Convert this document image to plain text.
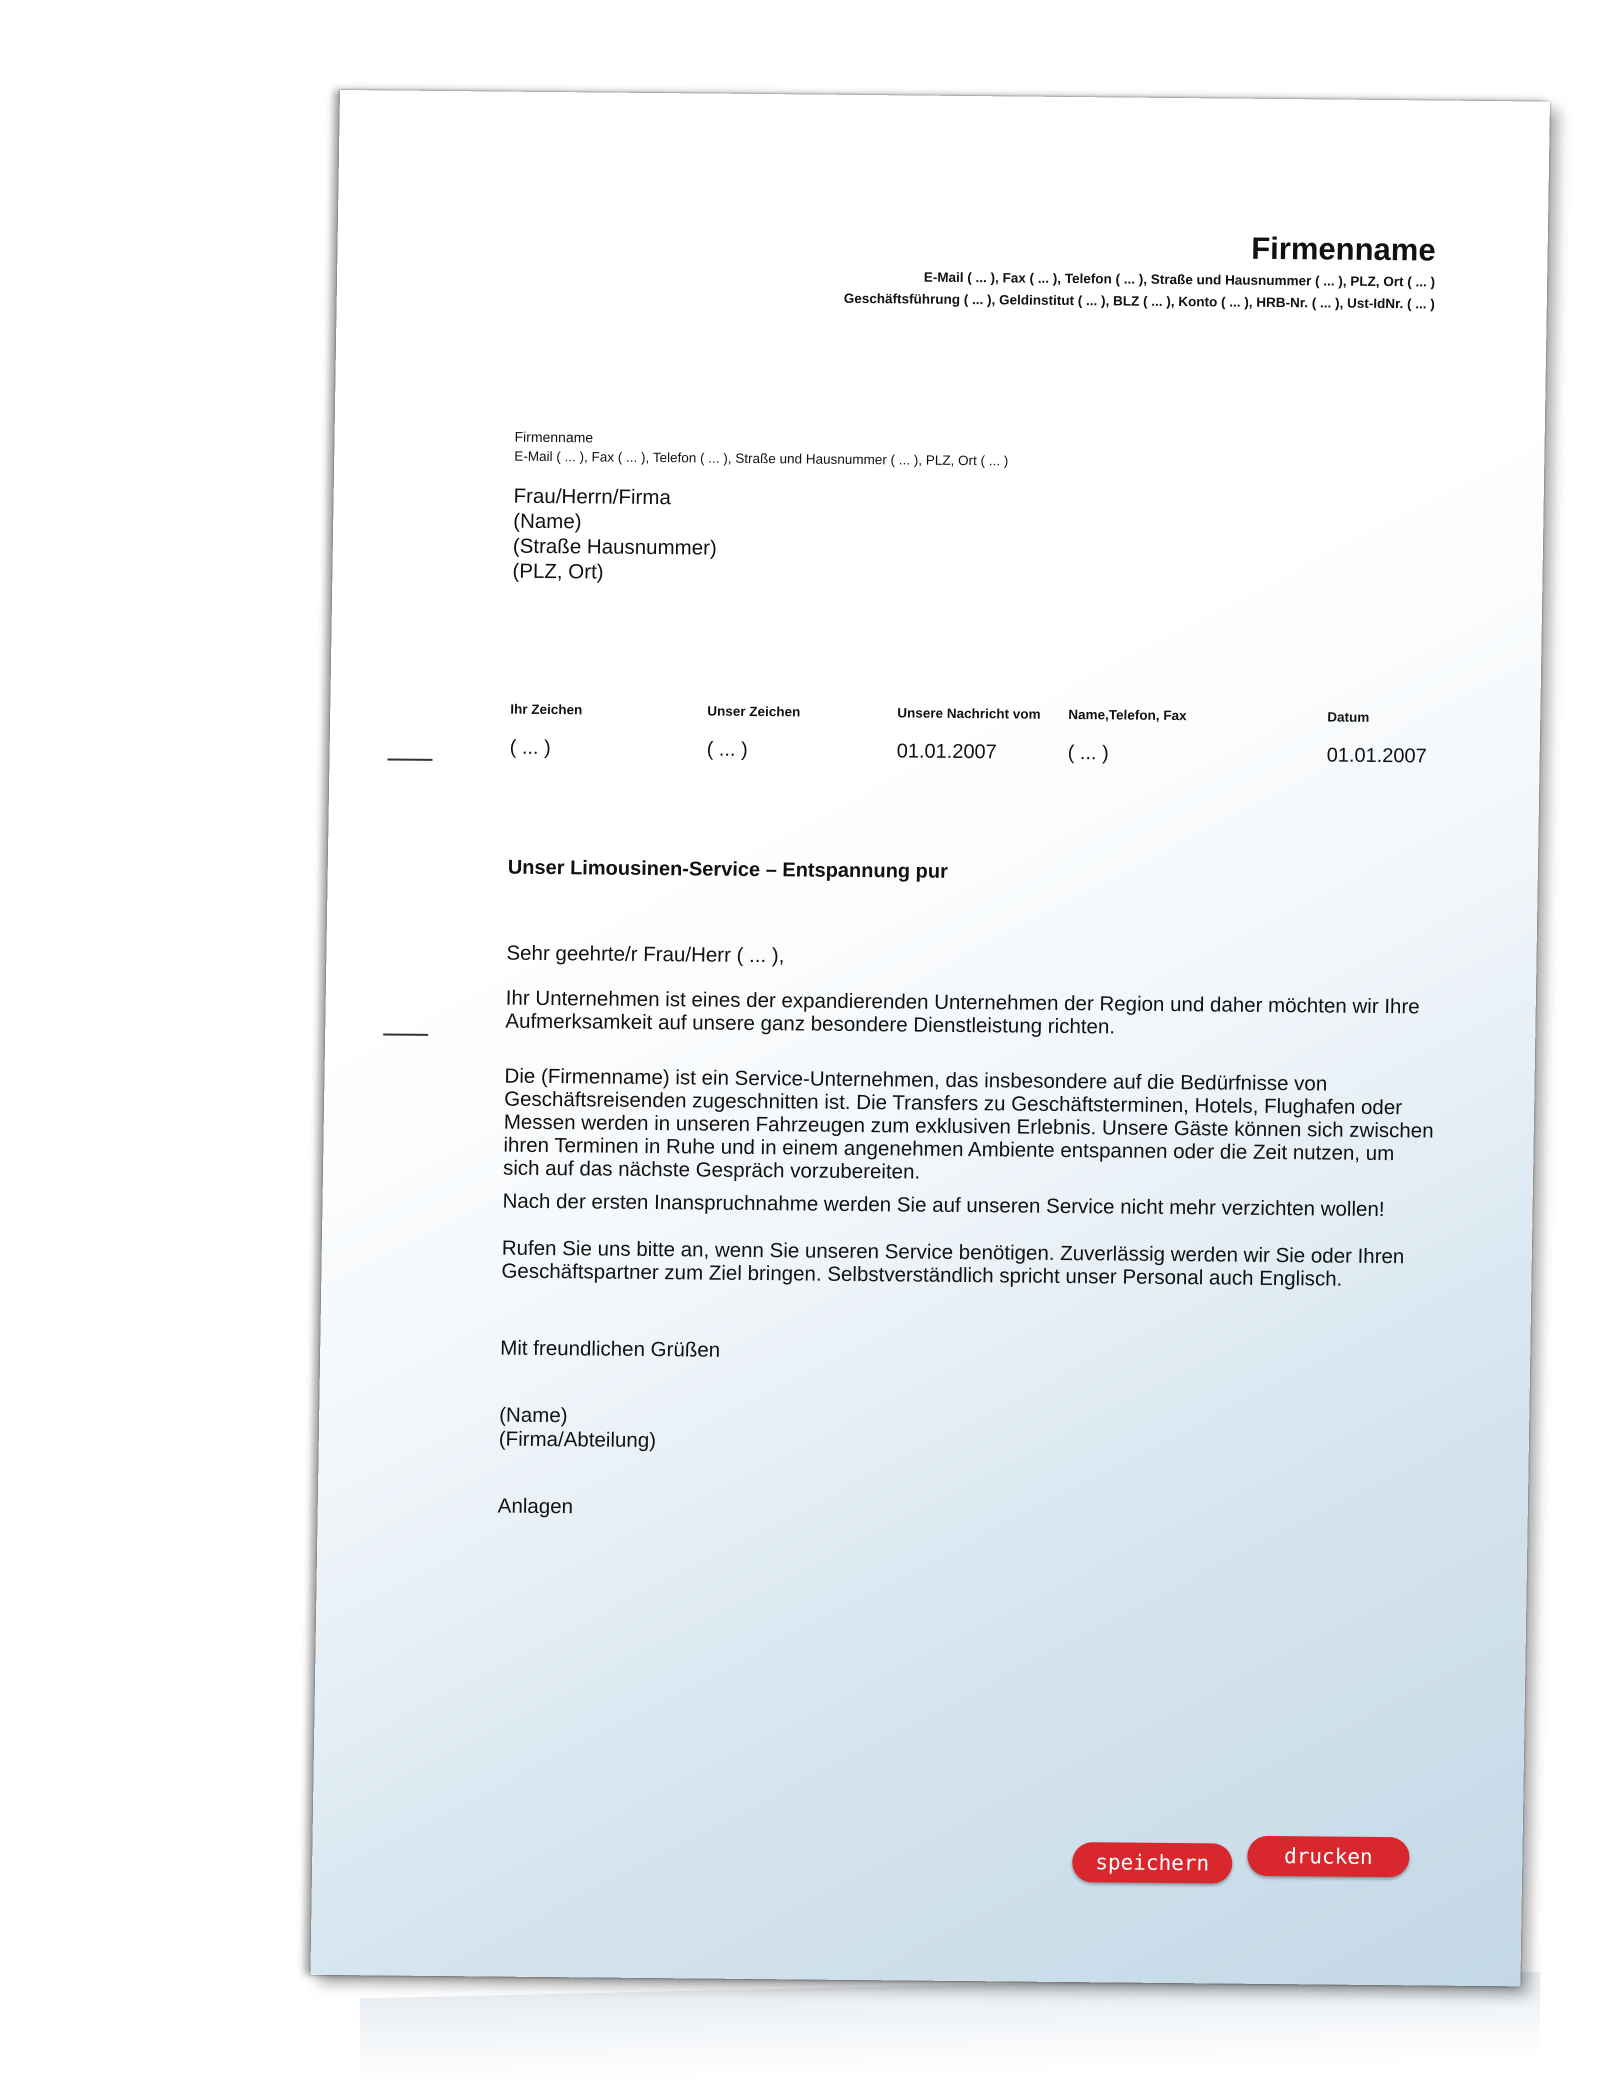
Firmenname
E-Mail ( ... ), Fax ( ... ), Telefon ( ... ), Straße und Hausnummer ( ... ), PLZ, Ort ( ... )
Geschäftsführung ( ... ), Geldinstitut ( ... ), BLZ ( ... ), Konto ( ... ), HRB-Nr. ( ... ), Ust-IdNr. ( ... )
Firmenname
E-Mail ( ... ), Fax ( ... ), Telefon ( ... ), Straße und Hausnummer ( ... ), PLZ, Ort ( ... )
Frau/Herrn/Firma
(Name)
(Straße Hausnummer)
(PLZ, Ort)
Ihr Zeichen
( ... )
Unser Zeichen
( ... )
Unsere Nachricht vom
01.01.2007
Name,Telefon, Fax
( ... )
Datum
01.01.2007
Unser Limousinen-Service – Entspannung pur
Sehr geehrte/r Frau/Herr ( ... ),
Ihr Unternehmen ist eines der expandierenden Unternehmen der Region und daher möchten wir Ihre Aufmerksamkeit auf unsere ganz besondere Dienstleistung richten.
Die (Firmenname) ist ein Service-Unternehmen, das insbesondere auf die Bedürfnisse von Geschäftsreisenden zugeschnitten ist. Die Transfers zu Geschäftsterminen, Hotels, Flughafen oder Messen werden in unseren Fahrzeugen zum exklusiven Erlebnis. Unsere Gäste können sich zwischen ihren Terminen in Ruhe und in einem angenehmen Ambiente entspannen oder die Zeit nutzen, um sich auf das nächste Gespräch vorzubereiten.
Nach der ersten Inanspruchnahme werden Sie auf unseren Service nicht mehr verzichten wollen!
Rufen Sie uns bitte an, wenn Sie unseren Service benötigen. Zuverlässig werden wir Sie oder Ihren Geschäftspartner zum Ziel bringen. Selbstverständlich spricht unser Personal auch Englisch.
Mit freundlichen Grüßen
(Name)
(Firma/Abteilung)
Anlagen
speichern	drucken
